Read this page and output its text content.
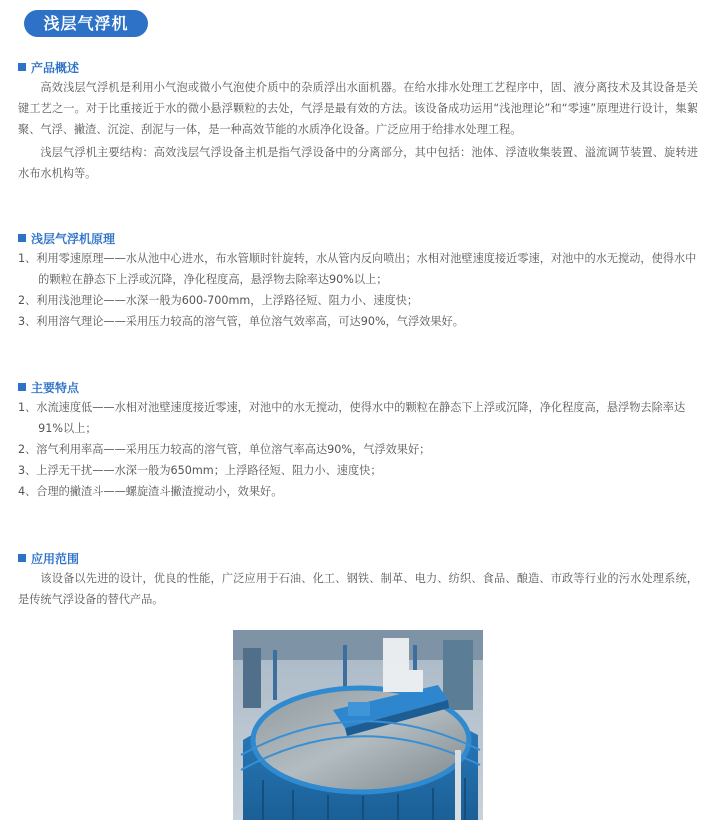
浅层气浮机
产品概述

高效浅层气浮机是利用小气泡或微小气泡使介质中的杂质浮出水面机器。在给水排水处理工艺程序中，固、液分离技术及其设备是关键工艺之一。对于比重接近于水的微小悬浮颗粒的去处，气浮是最有效的方法。该设备成功运用“浅池理论”和“零速”原理进行设计，集絮聚、气浮、撇渣、沉淀、刮泥与一体，是一种高效节能的水质净化设备。广泛应用于给排水处理工程。

浅层气浮机主要结构：高效浅层气浮设备主机是指气浮设备中的分离部分，其中包括：池体、浮渣收集装置、溢流调节装置、旋转进水布水机构等。

浅层气浮机原理

1、利用零速原理——水从池中心进水，布水管顺时针旋转，水从管内反向喷出；水相对池壁速度接近零速，对池中的水无搅动，使得水中的颗粒在静态下上浮或沉降，净化程度高，悬浮物去除率达90%以上；

2、利用浅池理论——水深一般为600-700mm，上浮路径短、阻力小、速度快；

3、利用溶气理论——采用压力较高的溶气管，单位溶气效率高，可达90%，气浮效果好。

主要特点

1、水流速度低——水相对池壁速度接近零速，对池中的水无搅动，使得水中的颗粒在静态下上浮或沉降，净化程度高，悬浮物去除率达91%以上；

2、溶气利用率高——采用压力较高的溶气管，单位溶气率高达90%，气浮效果好；

3、上浮无干扰——水深一般为650mm；上浮路径短、阻力小、速度快；

4、合理的撇渣斗——螺旋渣斗撇渣搅动小，效果好。

应用范围

该设备以先进的设计，优良的性能，广泛应用于石油、化工、钢铁、制革、电力、纺织、食品、酿造、市政等行业的污水处理系统，是传统气浮设备的替代产品。
